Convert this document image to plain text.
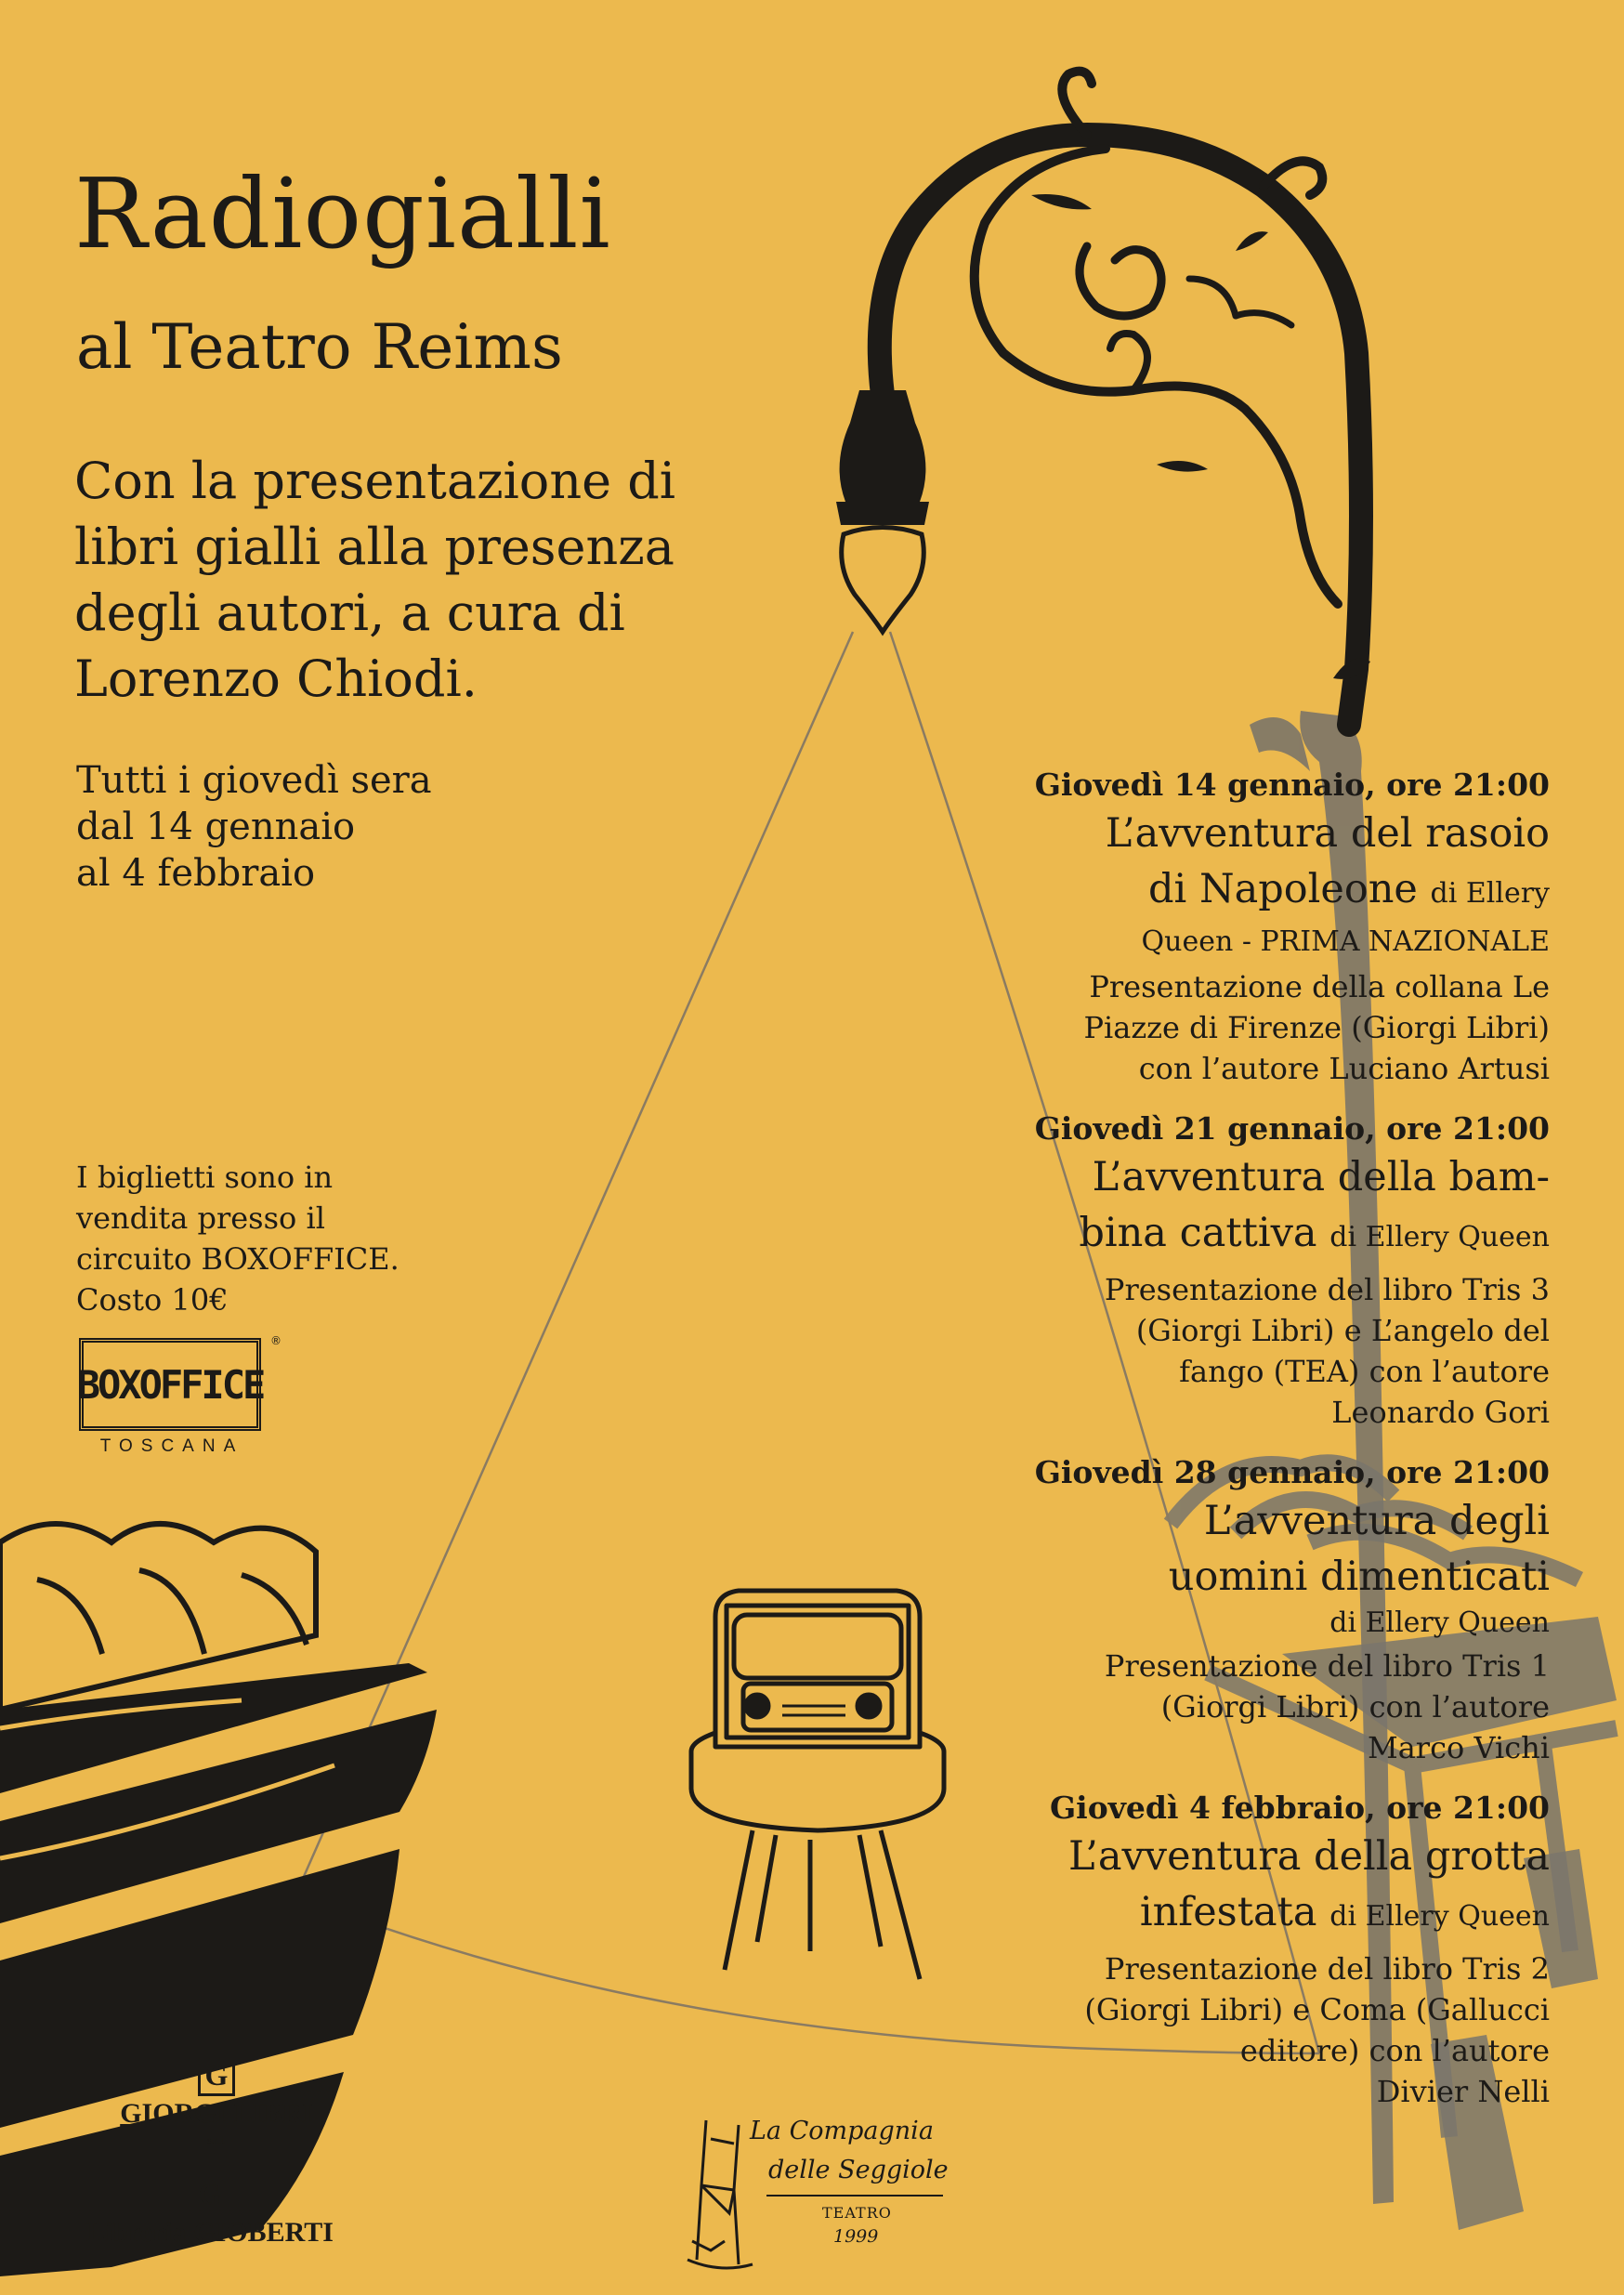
Radiogialli
al Teatro Reims
Con la presentazione di
libri gialli alla presenza
degli autori, a cura di
Lorenzo Chiodi.
Tutti i giovedì sera
dal 14 gennaio
al 4 febbraio
I biglietti sono in
vendita presso il
circuito BOXOFFICE.
Costo 10€
BOXOFFICE
®
TOSCANA
Giovedì 14 gennaio, ore 21:00
L’avventura del rasoio
di Napoleone di Ellery
Queen - PRIMA NAZIONALE
Presentazione della collana Le
Piazze di Firenze (Giorgi Libri)
con l’autore Luciano Artusi
Giovedì 21 gennaio, ore 21:00
L’avventura della bam-
bina cattiva di Ellery Queen
Presentazione del libro Tris 3
(Giorgi Libri) e L’angelo del
fango (TEA) con l’autore
Leonardo Gori
Giovedì 28 gennaio, ore 21:00
L’avventura degli
uomini dimenticati
di Ellery Queen
Presentazione del libro Tris 1
(Giorgi Libri) con l’autore
Marco Vichi
Giovedì 4 febbraio, ore 21:00
L’avventura della grotta
infestata di Ellery Queen
Presentazione del libro Tris 2
(Giorgi Libri) e Coma (Gallucci
editore) con l’autore
Divier Nelli
G
GIORGI LIBRI $^{s.r.l.}$
G
Libreria GIOBERTI
La Compagnia
delle Seggiole
TEATRO
1999
